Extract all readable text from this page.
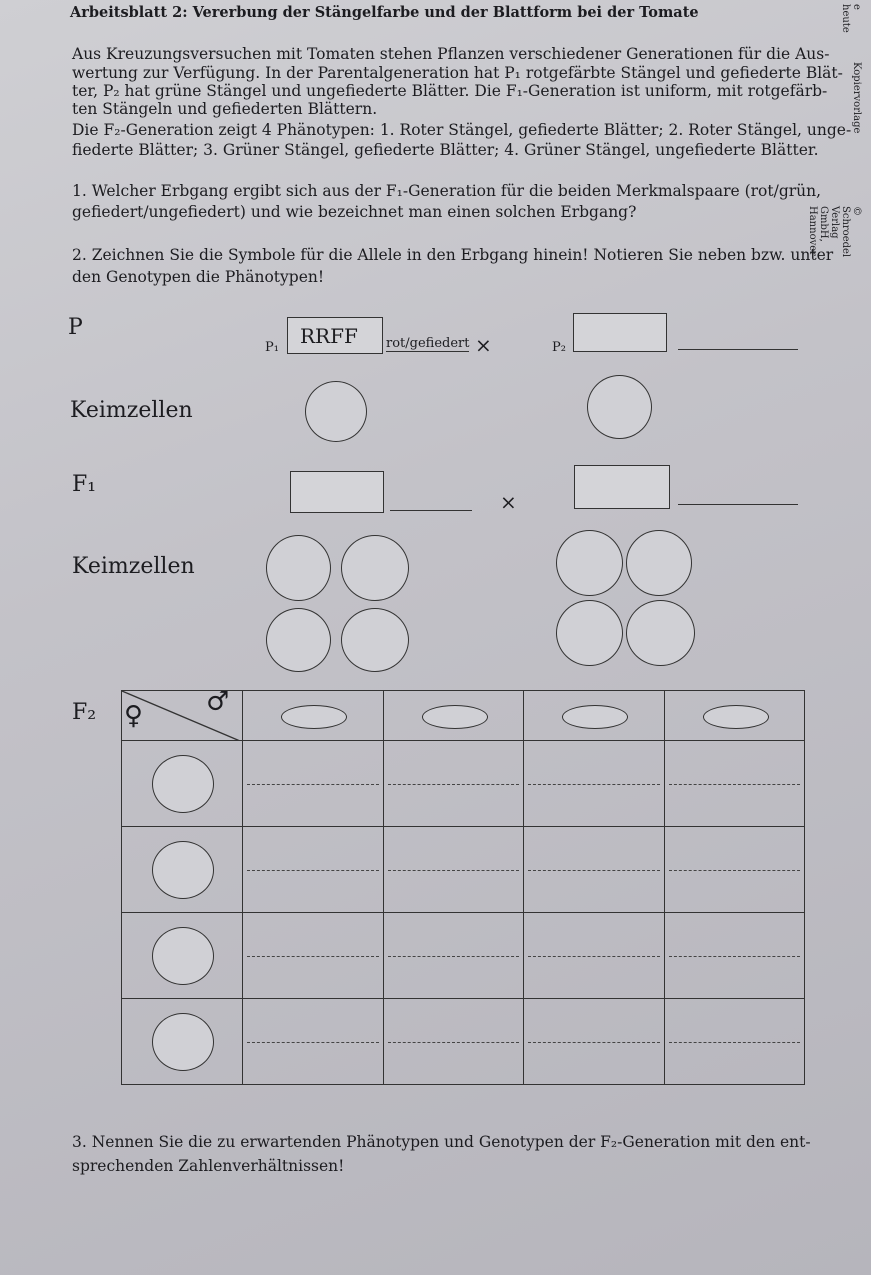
Arbeitsblatt 2: Vererbung der Stängelfarbe und der Blattform bei der Tomate
Aus Kreuzungsversuchen mit Tomaten stehen Pflanzen verschiedener Generationen für die Aus-
wertung zur Verfügung. In der Parentalgeneration hat P₁ rotgefärbte Stängel und gefiederte Blät-
ter, P₂ hat grüne Stängel und ungefiederte Blätter. Die F₁-Generation ist uniform, mit rotgefärb-
ten Stängeln und gefiederten Blättern.
Die F₂-Generation zeigt 4 Phänotypen: 1. Roter Stängel, gefiederte Blätter; 2. Roter Stängel, unge-
fiederte Blätter; 3. Grüner Stängel, gefiederte Blätter; 4. Grüner Stängel, ungefiederte Blätter.
1. Welcher Erbgang ergibt sich aus der F₁-Generation für die beiden Merkmalspaare (rot/grün,
gefiedert/ungefiedert) und wie bezeichnet man einen solchen Erbgang?
2. Zeichnen Sie die Symbole für die Allele in den Erbgang hinein! Notieren Sie neben bzw. unter
den Genotypen die Phänotypen!
3. Nennen Sie die zu erwartenden Phänotypen und Genotypen der F₂-Generation mit den ent-
sprechenden Zahlenverhältnissen!
P
P₁ RRFF rot/gefiedert ×	P₂
Keimzellen
F₁
×
Keimzellen
F₂ ♀ ♂				

e heute
Kopiervorlage
© Schroedel Verlag GmbH, Hannover
